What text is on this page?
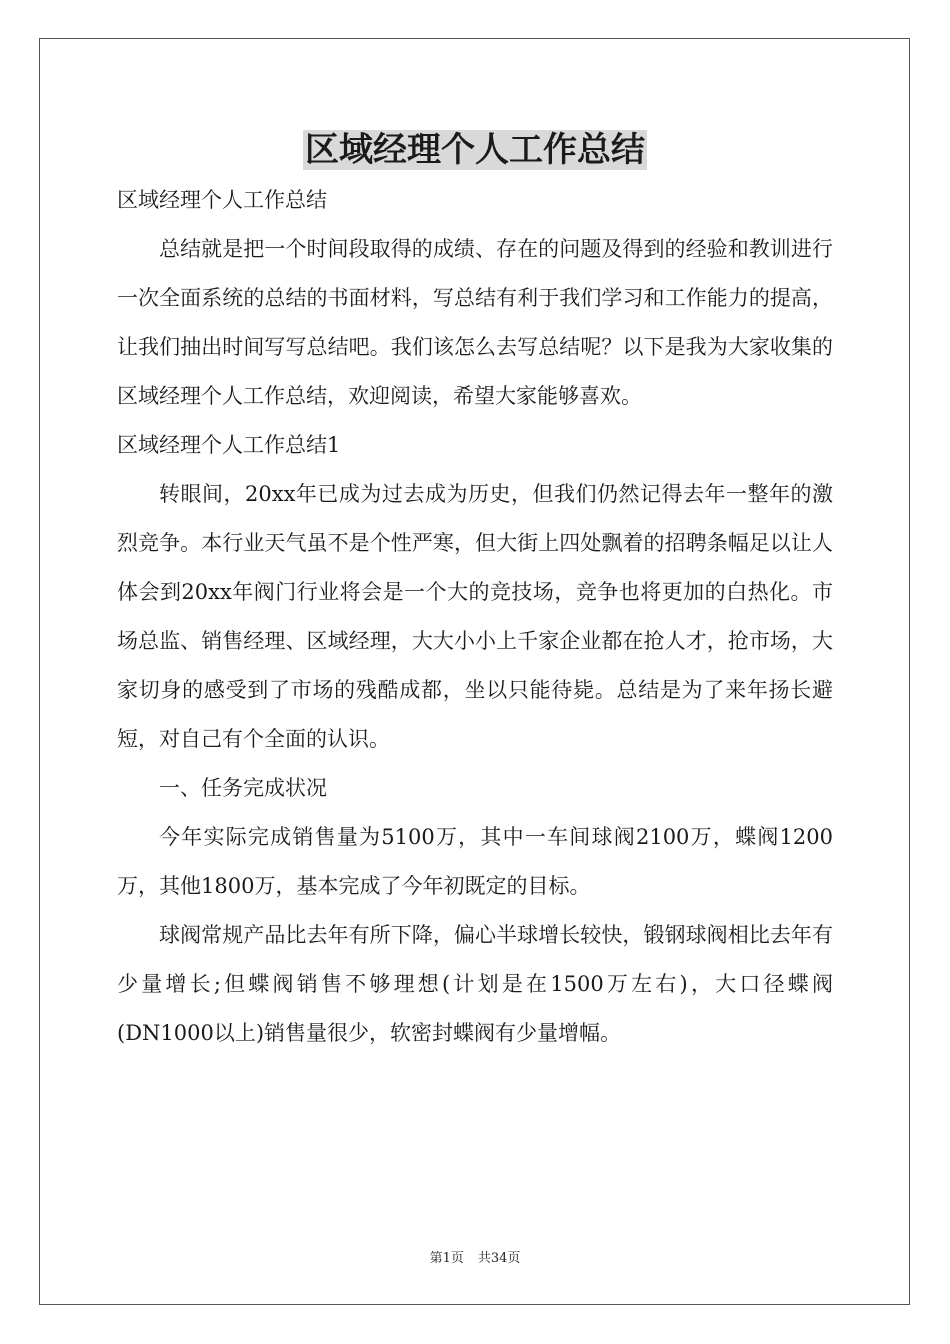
区域经理个人工作总结

区域经理个人工作总结

总结就是把一个时间段取得的成绩、存在的问题及得到的经验和教训进行一次全面系统的总结的书面材料，写总结有利于我们学习和工作能力的提高，让我们抽出时间写写总结吧。我们该怎么去写总结呢？以下是我为大家收集的区域经理个人工作总结，欢迎阅读，希望大家能够喜欢。

区域经理个人工作总结1

转眼间，20xx年已成为过去成为历史，但我们仍然记得去年一整年的激烈竞争。本行业天气虽不是个性严寒，但大街上四处飘着的招聘条幅足以让人体会到20xx年阀门行业将会是一个大的竞技场，竞争也将更加的白热化。市场总监、销售经理、区域经理，大大小小上千家企业都在抢人才，抢市场，大家切身的感受到了市场的残酷成都，坐以只能待毙。总结是为了来年扬长避短，对自己有个全面的认识。

一、任务完成状况

今年实际完成销售量为5100万，其中一车间球阀2100万，蝶阀1200万，其他1800万，基本完成了今年初既定的目标。

球阀常规产品比去年有所下降，偏心半球增长较快，锻钢球阀相比去年有少量增长;但蝶阀销售不够理想(计划是在1500万左右)，大口径蝶阀(DN1000以上)销售量很少，软密封蝶阀有少量增幅。

第1页 共34页
